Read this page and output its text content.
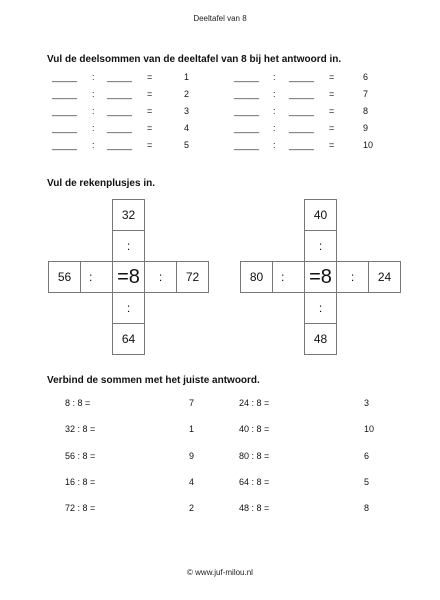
Deeltafel van 8
Vul de deelsommen van de deeltafel van 8 bij het antwoord in.
_____ : _____ =	1	_____ : _____ =	6
_____ : _____ =	2	_____ : _____ =	7
_____ : _____ =	3	_____ : _____ =	8
_____ : _____ =	4	_____ : _____ =	9
_____ : _____ =	5	_____ : _____ =	10
Vul de rekenplusjes in.
32
:
56	:	=8	:	72
:
64
40
:
80	:	=8	:	24
:
48
Verbind de sommen met het juiste antwoord.
8 : 8 =	7	24 : 8 =	3
32 : 8 =	1	40 : 8 =	10
56 : 8 =	9	80 : 8 =	6
16 : 8 =	4	64 : 8 =	5
72 : 8 =	2	48 : 8 =	8
© www.juf-milou.nl
